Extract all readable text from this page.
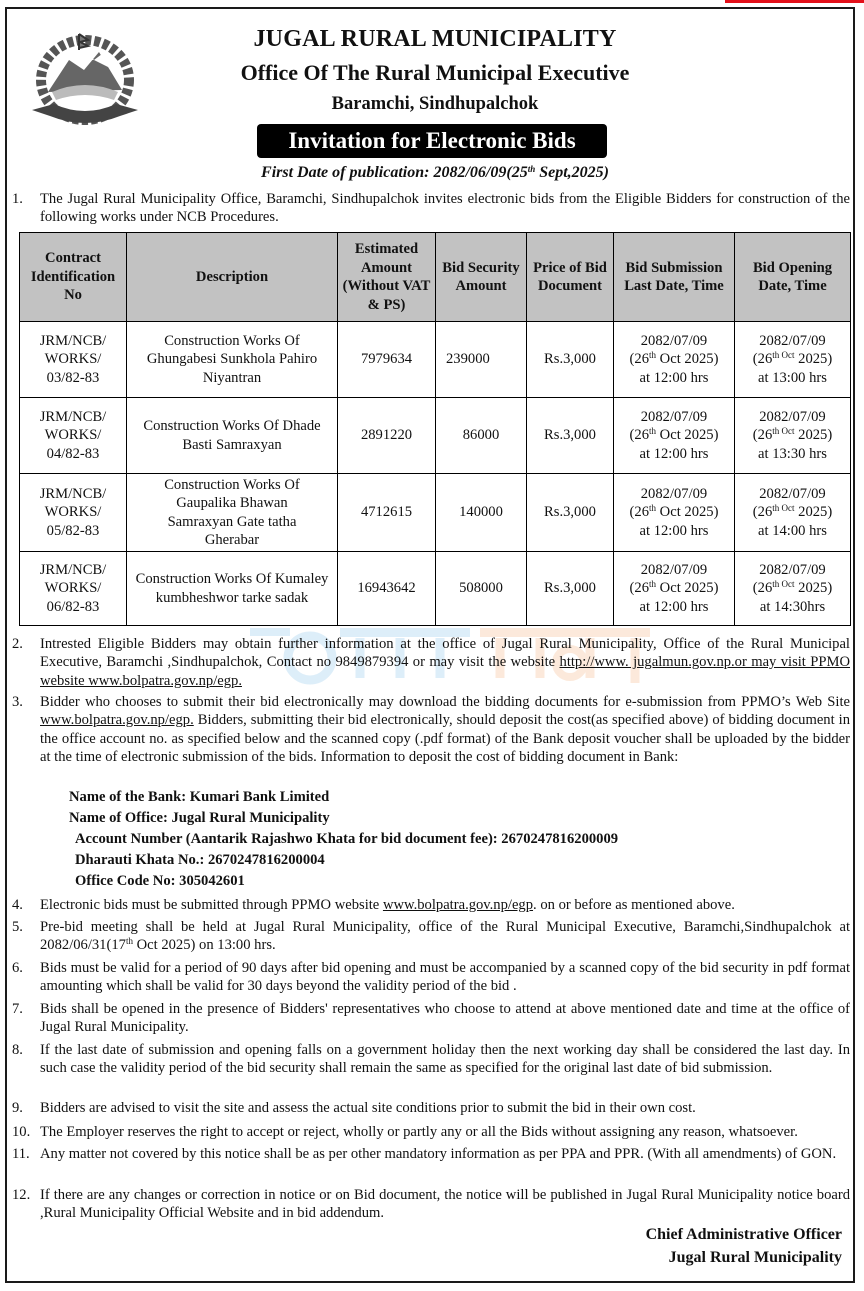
JUGAL RURAL MUNICIPALITY
Office Of The Rural Municipal Executive
Baramchi, Sindhupalchok
Invitation for Electronic Bids
First Date of publication: 2082/06/09(25th Sept,2025)
1.	The Jugal Rural Municipality Office, Baramchi, Sindhupalchok invites electronic bids from the Eligible Bidders for construction of the following works under NCB Procedures.
Contract Identification No	Description	Estimated Amount (Without VAT & PS)	Bid Security Amount	Price of Bid Document	Bid Submission Last Date, Time	Bid Opening Date, Time
JRM/NCB/
WORKS/
03/82-83	Construction Works Of Ghungabesi Sunkhola Pahiro Niyantran	7979634	239000	Rs.3,000	2082/07/09
(26th Oct 2025)
at 12:00 hrs	2082/07/09
($26^{th Oct}$ 2025)
at 13:00 hrs
JRM/NCB/
WORKS/
04/82-83	Construction Works Of Dhade Basti Samraxyan	2891220	86000	Rs.3,000	2082/07/09
(26th Oct 2025)
at 12:00 hrs	2082/07/09
($26^{th Oct}$ 2025)
at 13:30 hrs
JRM/NCB/
WORKS/
05/82-83	Construction Works Of Gaupalika Bhawan Samraxyan Gate tatha Gherabar	4712615	140000	Rs.3,000	2082/07/09
(26th Oct 2025)
at 12:00 hrs	2082/07/09
($26^{th Oct}$ 2025)
at 14:00 hrs
JRM/NCB/
WORKS/
06/82-83	Construction Works Of Kumaley kumbheshwor tarke sadak	16943642	508000	Rs.3,000	2082/07/09
(26th Oct 2025)
at 12:00 hrs	2082/07/09
($26^{th Oct}$ 2025)
at 14:30hrs
2.	Intrested Eligible Bidders may obtain further information at the office of Jugal Rural Municipality, Office of the Rural Municipal Executive, Baramchi ,Sindhupalchok, Contact no 9849879394 or may visit the website http://www. jugalmun.gov.np.or may visit PPMO website www.bolpatra.gov.np/egp.
3.	Bidder who chooses to submit their bid electronically may download the bidding documents for e-submission from PPMO’s Web Site www.bolpatra.gov.np/egp. Bidders, submitting their bid electronically, should deposit the cost(as specified above) of bidding document in the office account no. as specified below and the scanned copy (.pdf format) of the Bank deposit voucher shall be uploaded by the bidder at the time of electronic submission of the bids. Information to deposit the cost of bidding document in Bank:
Name of the Bank: Kumari Bank Limited
Name of Office: Jugal Rural Municipality
Account Number (Aantarik Rajashwo Khata for bid document fee): 2670247816200009
Dharauti Khata No.: 2670247816200004
Office Code No: 305042601
4.	Electronic bids must be submitted through PPMO website www.bolpatra.gov.np/egp. on or before as mentioned above.
5.	Pre-bid meeting shall be held at Jugal Rural Municipality, office of the Rural Municipal Executive, Baramchi,Sindhupalchok at 2082/06/31(17th Oct 2025) on 13:00 hrs.
6.	Bids must be valid for a period of 90 days after bid opening and must be accompanied by a scanned copy of the bid security in pdf format amounting which shall be valid for 30 days beyond the validity period of the bid .
7.	Bids shall be opened in the presence of Bidders' representatives who choose to attend at above mentioned date and time at the office of Jugal Rural Municipality.
8.	If the last date of submission and opening falls on a government holiday then the next working day shall be considered the last day. In such case the validity period of the bid security shall remain the same as specified for the original last date of bid submission.
9.	Bidders are advised to visit the site and assess the actual site conditions prior to submit the bid in their own cost.
10. The Employer reserves the right to accept or reject, wholly or partly any or all the Bids without assigning any reason, whatsoever.
11. Any matter not covered by this notice shall be as per other mandatory information as per PPA and PPR. (With all amendments) of GON.
12. If there are any changes or correction in notice or on Bid document, the notice will be published in Jugal Rural Municipality notice board ,Rural Municipality Official Website and in bid addendum.
Chief Administrative Officer
Jugal Rural Municipality
